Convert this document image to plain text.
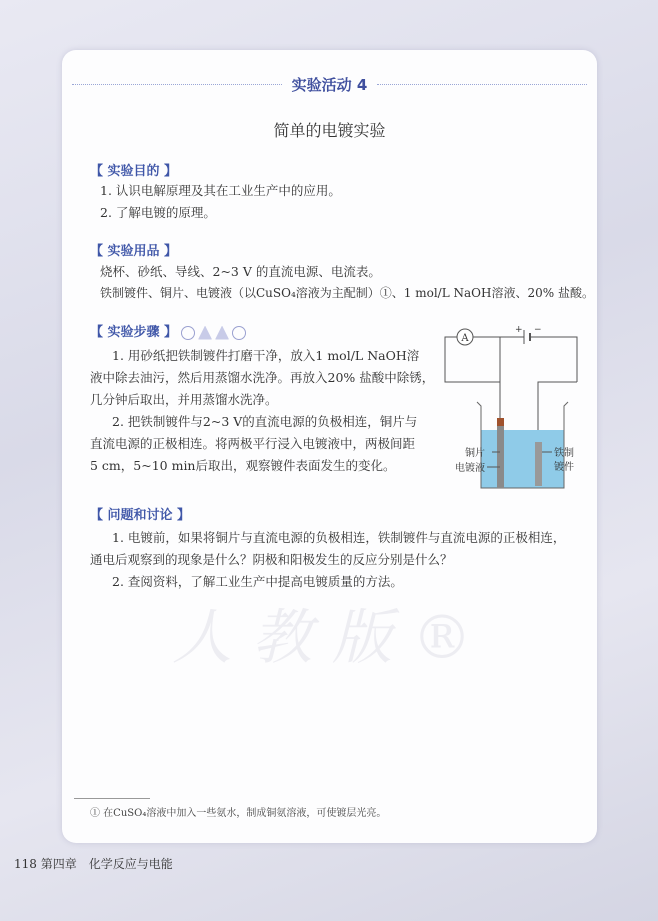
实验活动 4
简单的电镀实验
【 实验目的 】
1. 认识电解原理及其在工业生产中的应用。
2. 了解电镀的原理。
【 实验用品 】
烧杯、砂纸、导线、2~3 V 的直流电源、电流表。
铁制镀件、铜片、电镀液（以CuSO₄溶液为主配制）①、1 mol/L NaOH溶液、20% 盐酸。
【 实验步骤 】
1. 用砂纸把铁制镀件打磨干净，放入1 mol/L NaOH溶
液中除去油污，然后用蒸馏水洗净。再放入20% 盐酸中除锈，
几分钟后取出，并用蒸馏水洗净。
2. 把铁制镀件与2~3 V的直流电源的负极相连，铜片与
直流电源的正极相连。将两极平行浸入电镀液中，两极间距
5 cm，5~10 min后取出，观察镀件表面发生的变化。
A
+ −
铜片
电镀液
铁制
镀件
【 问题和讨论 】
1. 电镀前，如果将铜片与直流电源的负极相连，铁制镀件与直流电源的正极相连，
通电后观察到的现象是什么？阴极和阳极发生的反应分别是什么？
2. 查阅资料，了解工业生产中提高电镀质量的方法。
人教版®
① 在CuSO₄溶液中加入一些氨水，制成铜氨溶液，可使镀层光亮。
118 第四章　化学反应与电能
